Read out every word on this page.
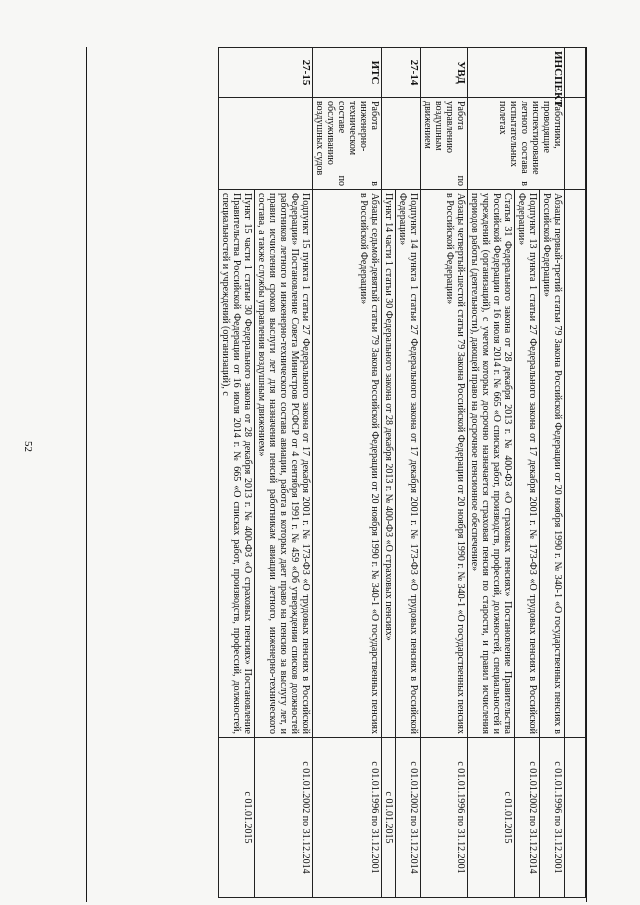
52

ИНСПЕКТ	Работники, проводящие инспектирование летного состава в испытательных полетах	Абзацы первый-третий статьи 79 Закона Российской Федерации от 20 ноября 1990 г. № 340-1 «О государственных пенсиях в Российской Федерации»	с 01.01.1996 по 31.12.2001
		Подпункт 13 пункта 1 статьи 27 Федерального закона от 17 декабря 2001 г. № 173-ФЗ «О трудовых пенсиях в Российской Федерации»	с 01.01.2002 по 31.12.2014
		Статья 31 Федерального закона от 28 декабря 2013 г. № 400-ФЗ «О страховых пенсиях» Постановление Правительства Российской Федерации от 16 июля 2014 г. № 665 «О списках работ, производств, профессий, должностей, специальностей и учреждений (организаций), с учетом которых досрочно назначается страховая пенсия по старости, и правил исчисления периодов работы (деятельности), дающей право на досрочное пенсионное обеспечение»	с 01.01.2015
УВД	Работа по управлению воздушным движением	Абзацы четвертый-шестой статьи 79 Закона Российской Федерации от 20 ноября 1990 г. № 340-1 «О государственных пенсиях в Российской Федерации»	с 01.01.1996 по 31.12.2001
27-14		Подпункт 14 пункта 1 статьи 27 Федерального закона от 17 декабря 2001 г. № 173-ФЗ «О трудовых пенсиях в Российской Федерации»	с 01.01.2002 по 31.12.2014
		Пункт 14 части 1 статьи 30 Федерального закона от 28 декабря 2013 г. № 400-ФЗ «О страховых пенсиях»	с 01.01.2015
ИТС	Работа в инженерно-техническом составе по обслуживанию воздушных судов	Абзацы седьмой-девятый статьи 79 Закона Российской Федерации от 20 ноября 1990 г. № 340-1 «О государственных пенсиях в Российской Федерации»	с 01.01.1996 по 31.12.2001
27-15		Подпункт 15 пункта 1 статьи 27 Федерального закона от 17 декабря 2001 г. № 173-ФЗ «О трудовых пенсиях в Российской Федерации» Постановление Совета Министров РСФСР от 4 сентября 1991 г. № 459 «Об утверждении списков должностей работников летного и инженерно-технического состава авиации, работа в которых дает право на пенсию за выслугу лет, и правил исчисления сроков выслуги лет для назначения пенсий работникам авиации летного, инженерно-технического состава, а также службы управления воздушным движением»	с 01.01.2002 по 31.12.2014
		Пункт 15 части 1 статьи 30 Федерального закона от 28 декабря 2013 г. № 400-ФЗ «О страховых пенсиях» Постановление Правительства Российской Федерации от 16 июля 2014 г. № 665 «О списках работ, производств, профессий, должностей, специальностей и учреждений (организаций), с	с 01.01.2015
